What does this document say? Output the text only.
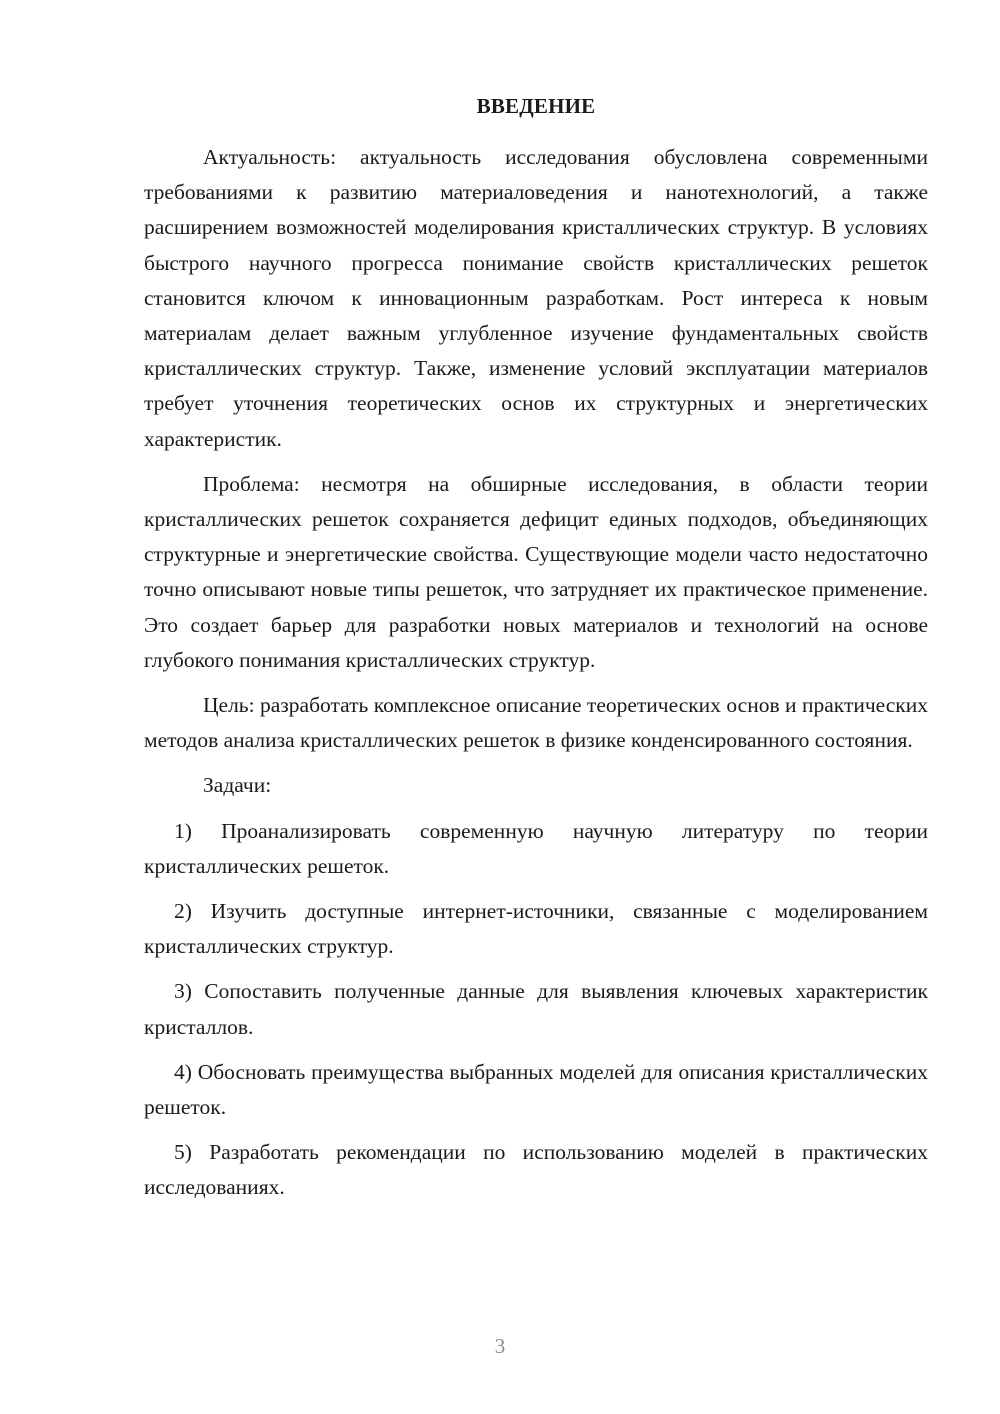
ВВЕДЕНИЕ

Актуальность: актуальность исследования обусловлена современными требованиями к развитию материаловедения и нанотехнологий, а также расширением возможностей моделирования кристаллических структур. В условиях быстрого научного прогресса понимание свойств кристаллических решеток становится ключом к инновационным разработкам. Рост интереса к новым материалам делает важным углубленное изучение фундаментальных свойств кристаллических структур. Также, изменение условий эксплуатации материалов требует уточнения теоретических основ их структурных и энергетических характеристик.

Проблема: несмотря на обширные исследования, в области теории кристаллических решеток сохраняется дефицит единых подходов, объединяющих структурные и энергетические свойства. Существующие модели часто недостаточно точно описывают новые типы решеток, что затрудняет их практическое применение. Это создает барьер для разработки новых материалов и технологий на основе глубокого понимания кристаллических структур.

Цель: разработать комплексное описание теоретических основ и практических методов анализа кристаллических решеток в физике конденсированного состояния.

Задачи:

1) Проанализировать современную научную литературу по теории кристаллических решеток.
2) Изучить доступные интернет-источники, связанные с моделированием кристаллических структур.
3) Сопоставить полученные данные для выявления ключевых характеристик кристаллов.
4) Обосновать преимущества выбранных моделей для описания кристаллических решеток.
5) Разработать рекомендации по использованию моделей в практических исследованиях.
3
